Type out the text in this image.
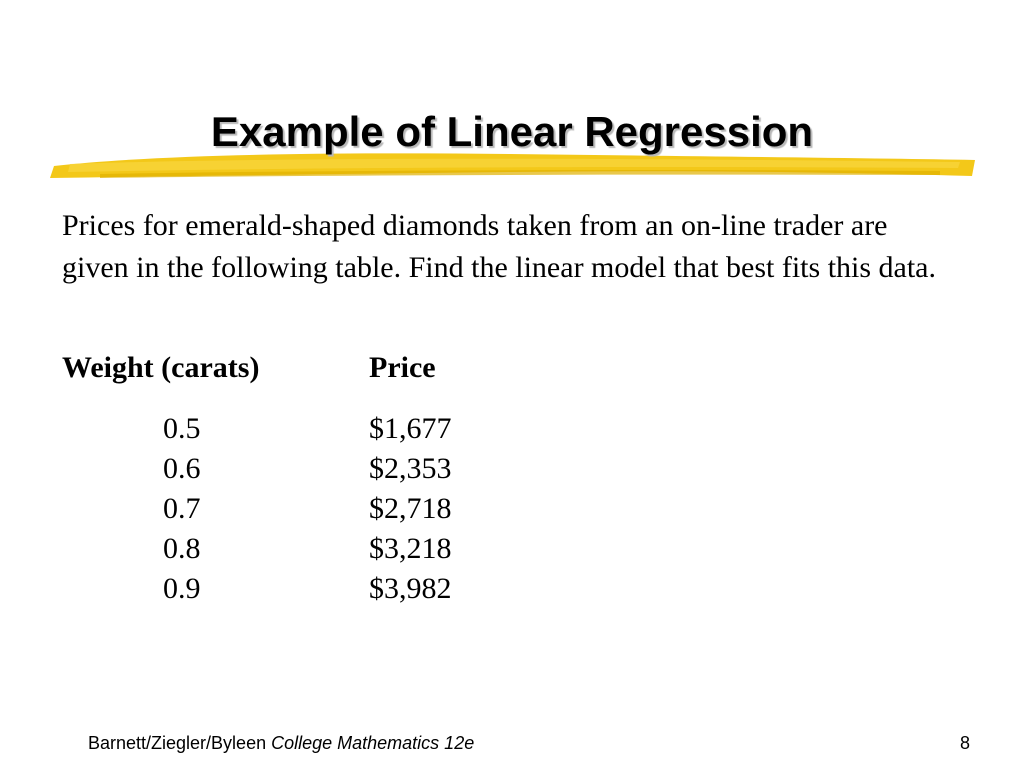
Example of Linear Regression

Prices for emerald-shaped diamonds taken from an on-line trader are given in the following table. Find the linear model that best fits this data.

Weight (carats)	Price
0.5
0.6
0.7
0.8
0.9
$1,677
$2,353
$2,718
$3,218
$3,982
Barnett/Ziegler/Byleen College Mathematics 12e	8
